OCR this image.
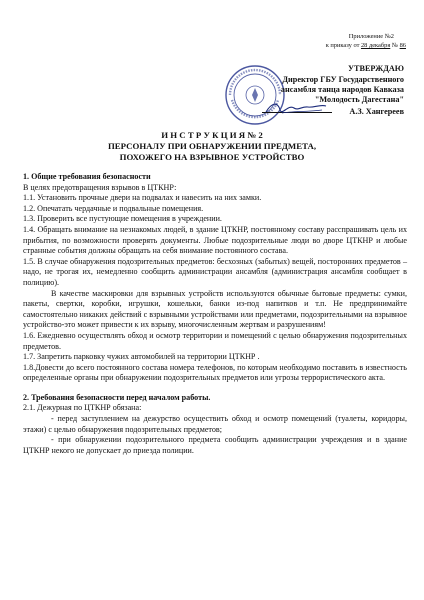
Приложение №2
к приказу от 28 декабря № 86
УТВЕРЖДАЮ
Директор ГБУ Государственного
ансамбля танца народов Кавказа
"Молодость Дагестана"
А.З. Хангереев
И Н С Т Р У К Ц И Я № 2
ПЕРСОНАЛУ ПРИ ОБНАРУЖЕНИИ ПРЕДМЕТА,
ПОХОЖЕГО НА ВЗРЫВНОЕ УСТРОЙСТВО

1. Общие требования безопасности

В целях предотвращения взрывов в ЦТКНР:

1.1. Установить прочные двери на подвалах и навесить на них замки.

1.2. Опечатать чердачные и подвальные помещения.

1.3. Проверить все пустующие помещения в учреждении.

1.4. Обращать внимание на незнакомых людей, в здание ЦТКНР, постоянному составу расспрашивать цель их прибытия, по возможности проверять документы. Любые подозрительные люди во дворе ЦТКНР и любые странные события должны обращать на себя внимание постоянного состава.

1.5. В случае обнаружения подозрительных предметов: бесхозных (забытых) вещей, посторонних предметов – надо, не трогая их, немедленно сообщить администрации ансамбля (администрация ансамбля сообщает в полицию).

В качестве маскировки для взрывных устройств используются обычные бытовые предметы: сумки, пакеты, свертки, коробки, игрушки, кошельки, банки из-под напитков и т.п. Не предпринимайте самостоятельно никаких действий с взрывными устройствами или предметами, подозрительными на взрывное устройство-это может привести к их взрыву, многочисленным жертвам и разрушениям!

1.6. Ежедневно осуществлять обход и осмотр территории и помещений с целью обнаружения подозрительных предметов.

1.7. Запретить парковку чужих автомобилей на территории ЦТКНР .

1.8.Довести до всего постоянного состава номера телефонов, по которым необходимо поставить в известность определенные органы при обнаружении подозрительных предметов или угрозы террористического акта.

2. Требования безопасности перед началом работы.

2.1. Дежурная по ЦТКНР обязана:

- перед заступлением на дежурство осуществить обход и осмотр помещений (туалеты, коридоры, этажи) с целью обнаружения подозрительных предметов;

- при обнаружении подозрительного предмета сообщить администрации учреждения и в здание ЦТКНР некого не допускает до приезда полиции.
